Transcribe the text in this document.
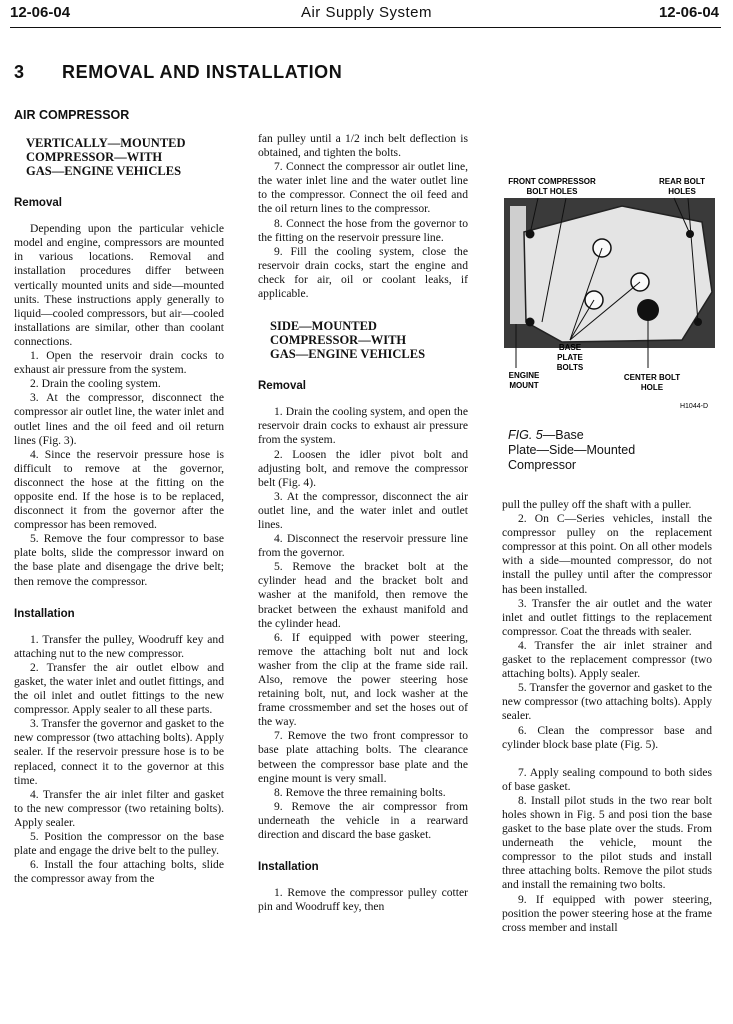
12-06-04	Air Supply System	12-06-04
3 REMOVAL AND INSTALLATION
AIR COMPRESSOR
VERTICALLY—MOUNTED
COMPRESSOR—WITH
GAS—ENGINE VEHICLES
Removal

Depending upon the particular vehicle model and engine, compressors are mounted in various locations. Removal and installation procedures differ between vertically mounted units and side—mounted units. These instructions apply generally to liquid—cooled compressors, but air—cooled installations are similar, other than coolant connections.

1. Open the reservoir drain cocks to exhaust air pressure from the system.

2. Drain the cooling system.

3. At the compressor, disconnect the compressor air outlet line, the water inlet and outlet lines and the oil feed and oil return lines (Fig. 3).

4. Since the reservoir pressure hose is difficult to remove at the governor, disconnect the hose at the fitting on the opposite end. If the hose is to be replaced, disconnect it from the governor after the compressor has been removed.

5. Remove the four compressor to base plate bolts, slide the compressor inward on the base plate and disengage the drive belt; then remove the compressor.

Installation

1. Transfer the pulley, Woodruff key and attaching nut to the new compressor.

2. Transfer the air outlet elbow and gasket, the water inlet and outlet fittings, and the oil inlet and outlet fittings to the new compressor. Apply sealer to all these parts.

3. Transfer the governor and gasket to the new compressor (two attaching bolts). Apply sealer. If the reservoir pressure hose is to be replaced, connect it to the governor at this time.

4. Transfer the air inlet filter and gasket to the new compressor (two retaining bolts). Apply sealer.

5. Position the compressor on the base plate and engage the drive belt to the pulley.

6. Install the four attaching bolts, slide the compressor away from the

fan pulley until a 1/2 inch belt deflection is obtained, and tighten the bolts.

7. Connect the compressor air outlet line, the water inlet line and the water outlet line to the compressor. Connect the oil feed and the oil return lines to the compressor.

8. Connect the hose from the governor to the fitting on the reservoir pressure line.

9. Fill the cooling system, close the reservoir drain cocks, start the engine and check for air, oil or coolant leaks, if applicable.

SIDE—MOUNTED
COMPRESSOR—WITH
GAS—ENGINE VEHICLES
Removal

1. Drain the cooling system, and open the reservoir drain cocks to exhaust air pressure from the system.

2. Loosen the idler pivot bolt and adjusting bolt, and remove the compressor belt (Fig. 4).

3. At the compressor, disconnect the air outlet line, and the water inlet and outlet lines.

4. Disconnect the reservoir pressure line from the governor.

5. Remove the bracket bolt at the cylinder head and the bracket bolt and washer at the manifold, then remove the bracket between the exhaust manifold and the cylinder head.

6. If equipped with power steering, remove the attaching bolt nut and lock washer from the clip at the frame side rail. Also, remove the power steering hose retaining bolt, nut, and lock washer at the frame crossmember and set the hoses out of the way.

7. Remove the two front compressor to base plate attaching bolts. The clearance between the compressor base plate and the engine mount is very small.

8. Remove the three remaining bolts.

9. Remove the air compressor from underneath the vehicle in a rearward direction and discard the base gasket.

Installation

1. Remove the compressor pulley cotter pin and Woodruff key, then

FRONT COMPRESSOR
BOLT HOLES
REAR BOLT
HOLES
BASE
PLATE
BOLTS
ENGINE
MOUNT
CENTER BOLT
HOLE
H1044-D
FIG. 5—Base
Plate—Side—Mounted
Compressor

pull the pulley off the shaft with a puller.

2. On C—Series vehicles, install the compressor pulley on the replacement compressor at this point. On all other models with a side—mounted compressor, do not install the pulley until after the compressor has been installed.

3. Transfer the air outlet and the water inlet and outlet fittings to the replacement compressor. Coat the threads with sealer.

4. Transfer the air inlet strainer and gasket to the replacement compressor (two attaching bolts). Apply sealer.

5. Transfer the governor and gasket to the new compressor (two attaching bolts). Apply sealer.

6. Clean the compressor base and cylinder block base plate (Fig. 5).

7. Apply sealing compound to both sides of base gasket.

8. Install pilot studs in the two rear bolt holes shown in Fig. 5 and posi tion the base gasket to the base plate over the studs. From underneath the vehicle, mount the compressor to the pilot studs and install three attaching bolts. Remove the pilot studs and install the remaining two bolts.

9. If equipped with power steering, position the power steering hose at the frame cross member and install
